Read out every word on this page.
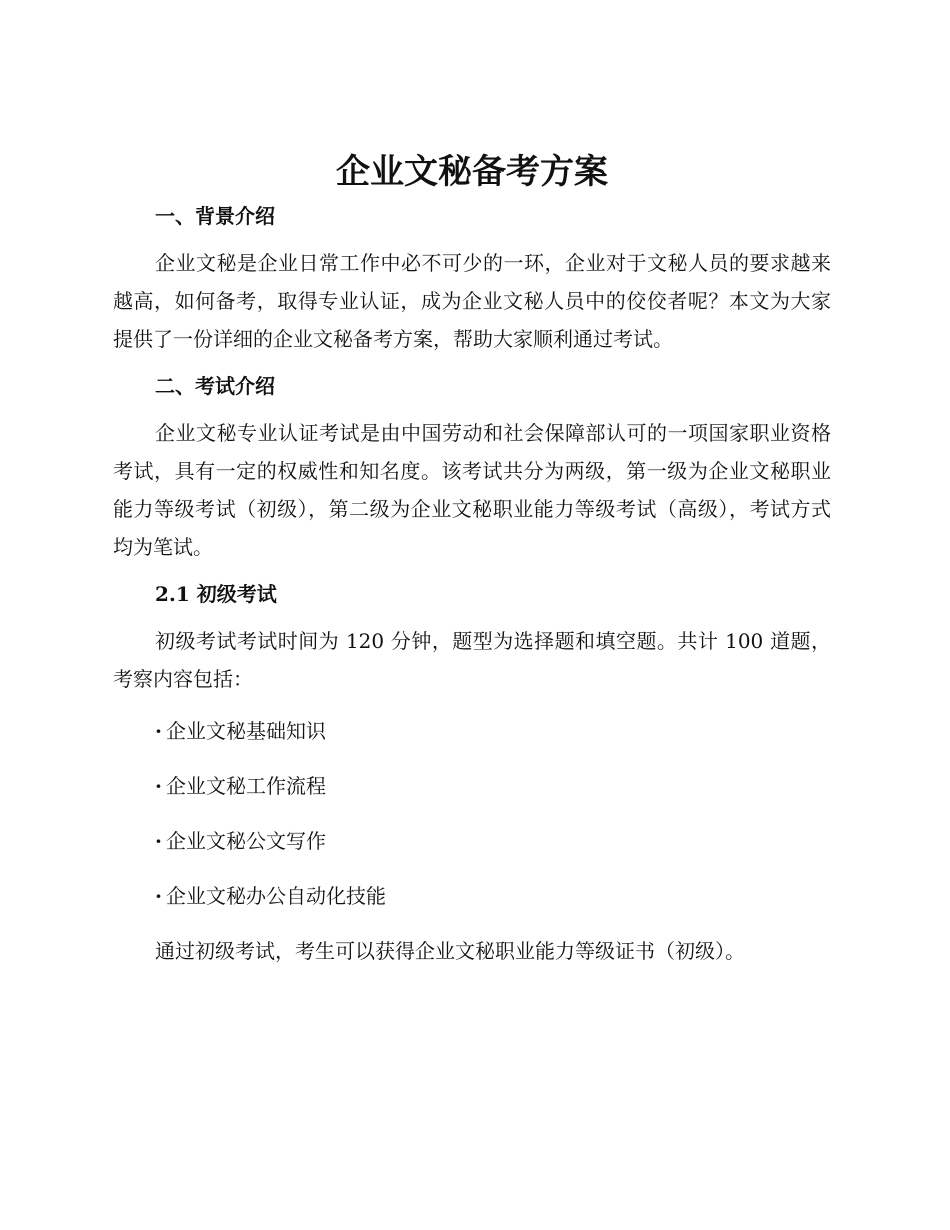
企业文秘备考方案
一、背景介绍

企业文秘是企业日常工作中必不可少的一环，企业对于文秘人员的要求越来越高，如何备考，取得专业认证，成为企业文秘人员中的佼佼者呢？本文为大家提供了一份详细的企业文秘备考方案，帮助大家顺利通过考试。

二、考试介绍

企业文秘专业认证考试是由中国劳动和社会保障部认可的一项国家职业资格考试，具有一定的权威性和知名度。该考试共分为两级，第一级为企业文秘职业能力等级考试（初级），第二级为企业文秘职业能力等级考试（高级），考试方式均为笔试。

2.1 初级考试

初级考试考试时间为 120 分钟，题型为选择题和填空题。共计 100 道题，考察内容包括：

· 企业文秘基础知识
· 企业文秘工作流程
· 企业文秘公文写作
· 企业文秘办公自动化技能

通过初级考试，考生可以获得企业文秘职业能力等级证书（初级）。
